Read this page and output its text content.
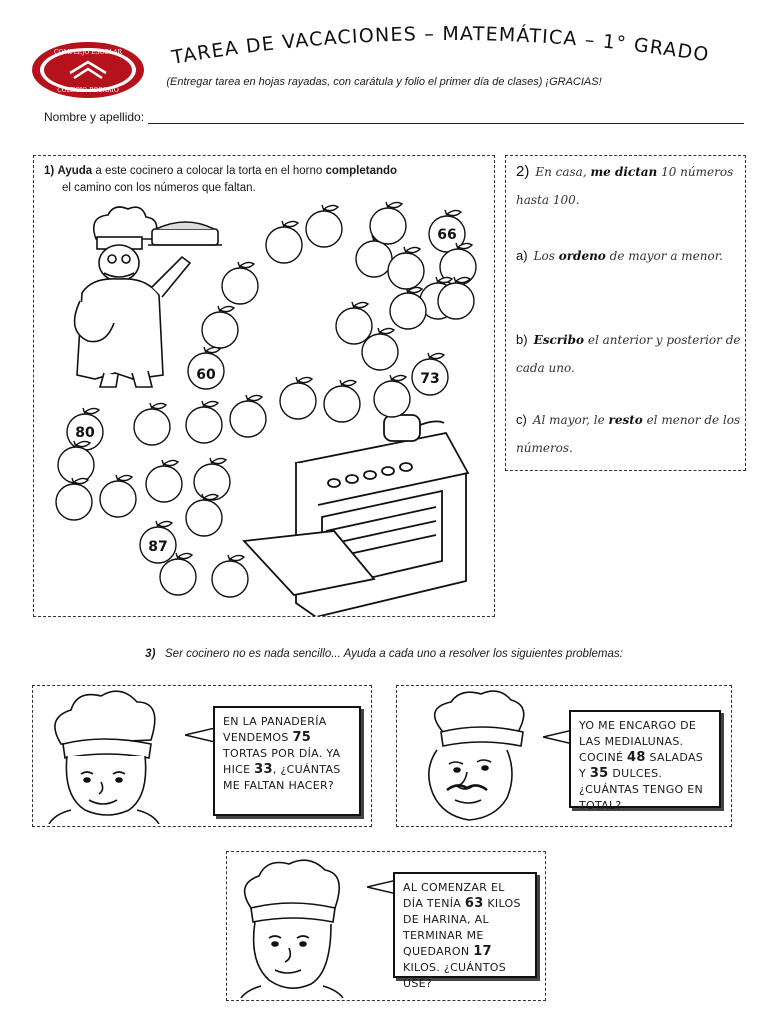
COMPLEJO ESCOLAR
COLEGIO ROSARIO
TAREA DE VACACIONES – MATEMÁTICA – 1° GRADO
(Entregar tarea en hojas rayadas, con carátula y folio el primer día de clases) ¡GRACIAS!
Nombre y apellido:
1) Ayuda a este cocinero a colocar la torta en el horno completando
el camino con los números que faltan.
66
60	73
80
87
2) En casa, me dictan 10 números hasta 100.
a) Los ordeno de mayor a menor.
b) Escribo el anterior y posterior de cada uno.
c) Al mayor, le resto el menor de los números.
3) Ser cocinero no es nada sencillo... Ayuda a cada uno a resolver los siguientes problemas:
EN LA PANADERÍA VENDEMOS 75 TORTAS POR DÍA. YA HICE 33, ¿CUÁNTAS ME FALTAN HACER?
YO ME ENCARGO DE LAS MEDIALUNAS. COCINÉ 48 SALADAS Y 35 DULCES. ¿CUÁNTAS TENGO EN TOTAL?
AL COMENZAR EL DÍA TENÍA 63 KILOS DE HARINA, AL TERMINAR ME QUEDARON 17 KILOS. ¿CUÁNTOS USÉ?
